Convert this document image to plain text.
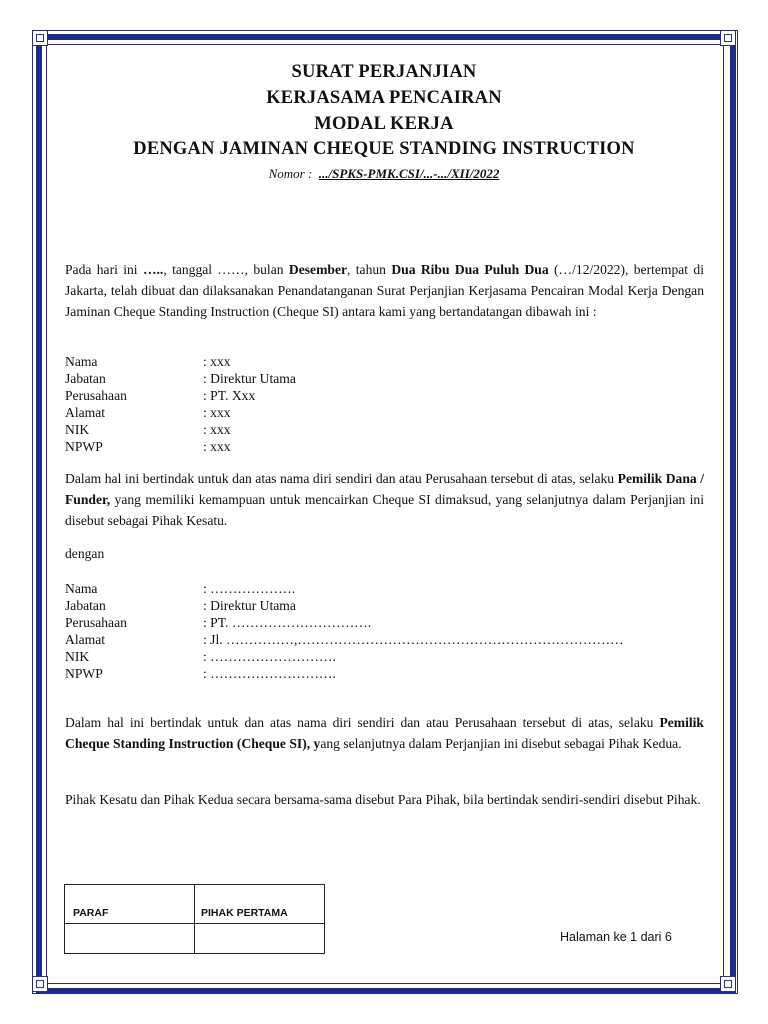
SURAT PERJANJIAN
KERJASAMA PENCAIRAN
MODAL KERJA
DENGAN JAMINAN CHEQUE STANDING INSTRUCTION
Nomor : .../SPKS-PMK.CSI/...-.../XII/2022
Pada hari ini ….., tanggal ……, bulan Desember, tahun Dua Ribu Dua Puluh Dua (…/12/2022), bertempat di Jakarta, telah dibuat dan dilaksanakan Penandatanganan Surat Perjanjian Kerjasama Pencairan Modal Kerja Dengan Jaminan Cheque Standing Instruction (Cheque SI) antara kami yang bertandatangan dibawah ini :
Nama	: xxx
Jabatan	: Direktur Utama
Perusahaan	: PT. Xxx
Alamat	: xxx
NIK	: xxx
NPWP	: xxx
Dalam hal ini bertindak untuk dan atas nama diri sendiri dan atau Perusahaan tersebut di atas, selaku Pemilik Dana / Funder, yang memiliki kemampuan untuk mencairkan Cheque SI dimaksud, yang selanjutnya dalam Perjanjian ini disebut sebagai Pihak Kesatu.
dengan
Nama	: ……………….
Jabatan	: Direktur Utama
Perusahaan	: PT. ………………………….
Alamat	: Jl. ……………,………………………………………………………………
NIK	: ……………………….
NPWP	: ……………………….
Dalam hal ini bertindak untuk dan atas nama diri sendiri dan atau Perusahaan tersebut di atas, selaku Pemilik Cheque Standing Instruction (Cheque SI), yang selanjutnya dalam Perjanjian ini disebut sebagai Pihak Kedua.
Pihak Kesatu dan Pihak Kedua secara bersama-sama disebut Para Pihak, bila bertindak sendiri-sendiri disebut Pihak.
PARAF	PIHAK PERTAMA

Halaman ke 1 dari 6
